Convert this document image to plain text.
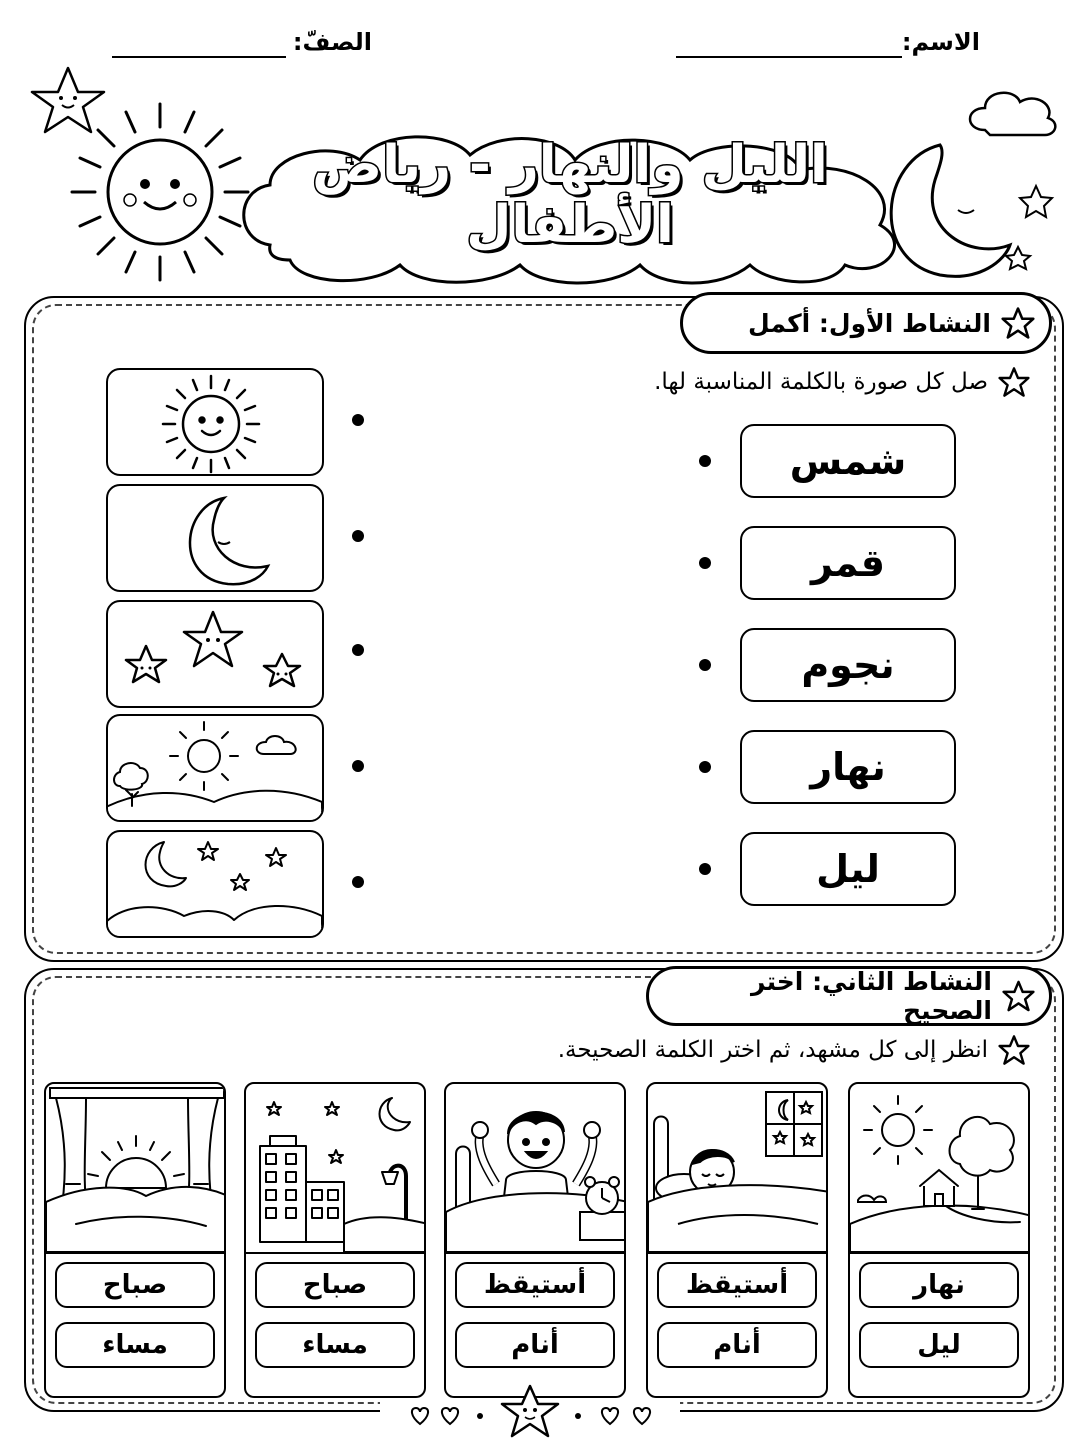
الاسم:
الصفّ:
الليل والنهار - رياض الأطفال
النشاط الأول: أكمل
صل كل صورة بالكلمة المناسبة لها.
شمس
قمر
نجوم
نهار
ليل
النشاط الثاني: اختر الصحيح
انظر إلى كل مشهد، ثم اختر الكلمة الصحيحة.
نهار
ليل
أستيقظ
أنام
أستيقظ
أنام
صباح
مساء
صباح
مساء
